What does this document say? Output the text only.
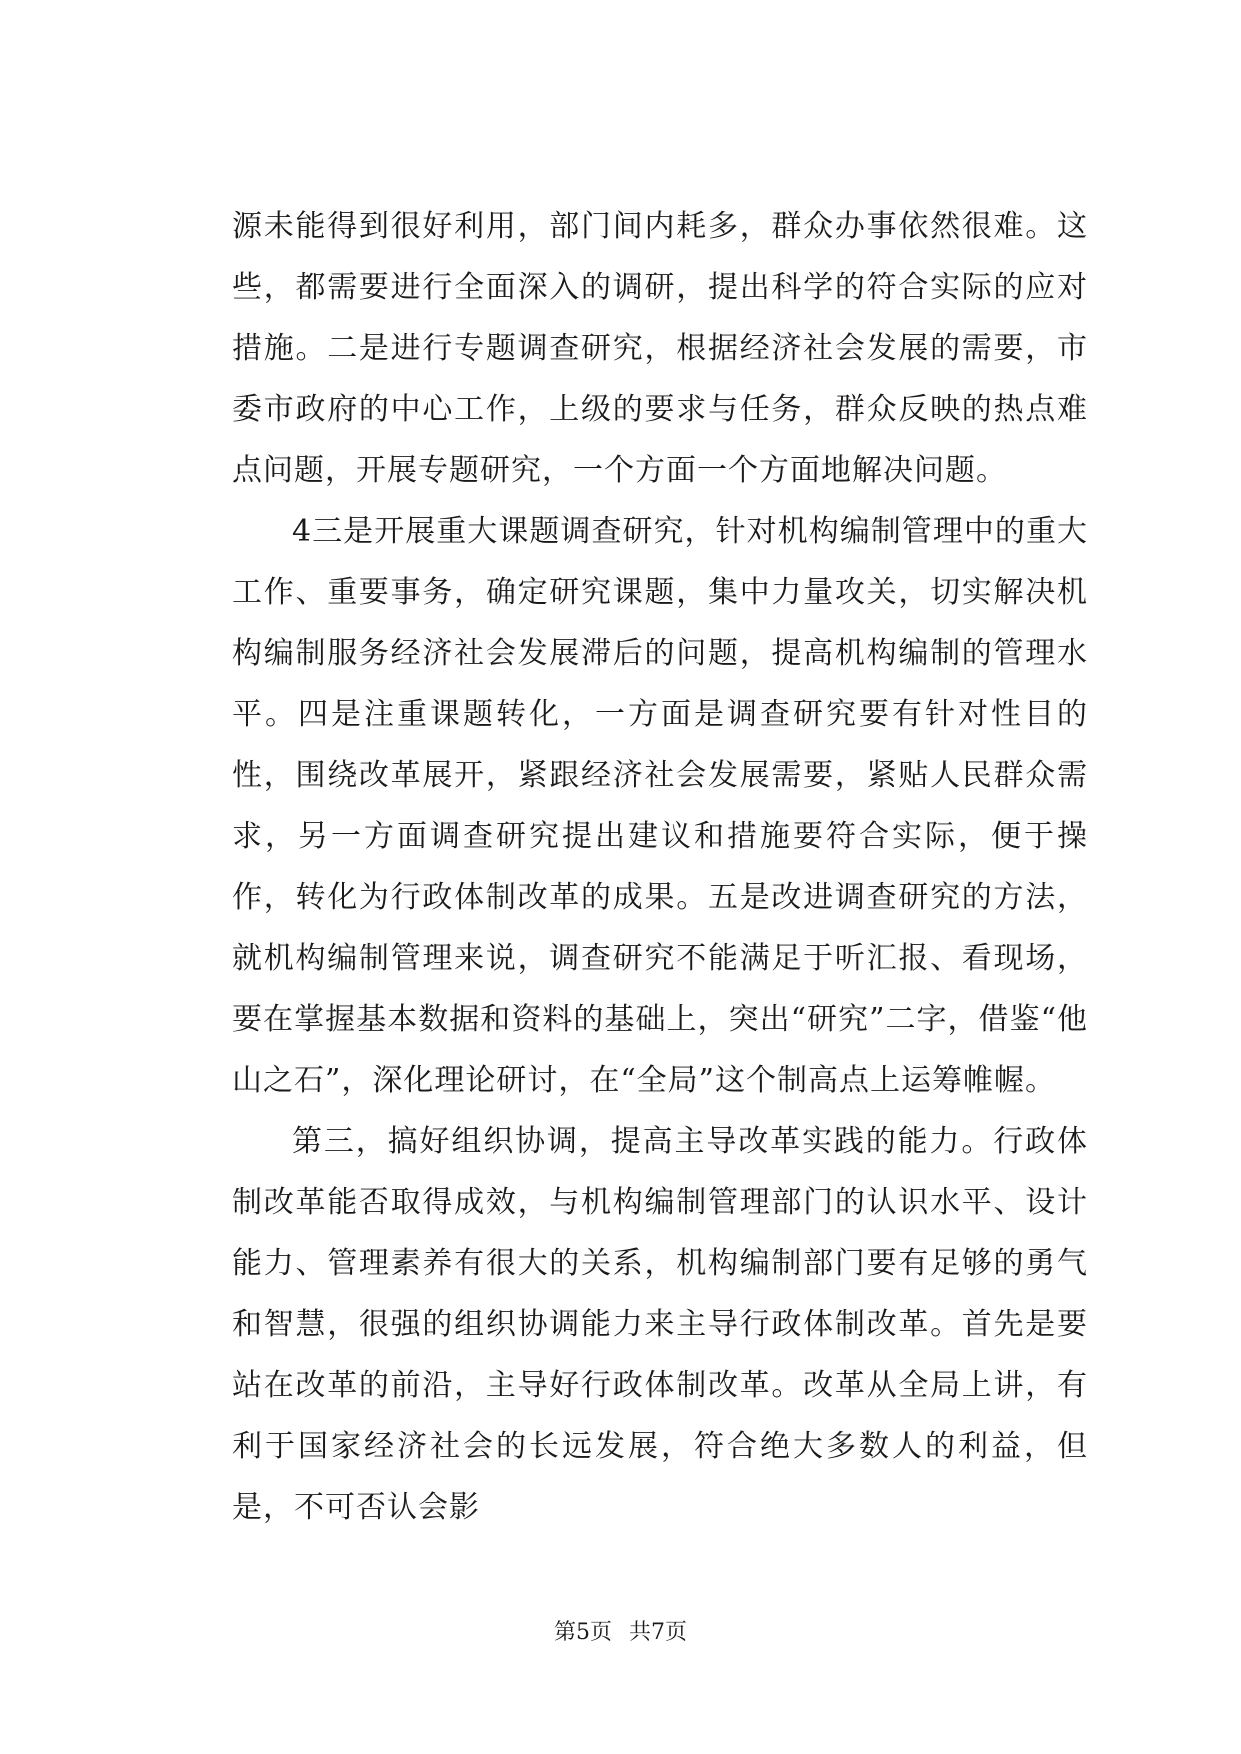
源未能得到很好利用，部门间内耗多，群众办事依然很难。这些，都需要进行全面深入的调研，提出科学的符合实际的应对措施。二是进行专题调查研究，根据经济社会发展的需要，市委市政府的中心工作，上级的要求与任务，群众反映的热点难点问题，开展专题研究，一个方面一个方面地解决问题。

4三是开展重大课题调查研究，针对机构编制管理中的重大工作、重要事务，确定研究课题，集中力量攻关，切实解决机构编制服务经济社会发展滞后的问题，提高机构编制的管理水平。四是注重课题转化，一方面是调查研究要有针对性目的性，围绕改革展开，紧跟经济社会发展需要，紧贴人民群众需求，另一方面调查研究提出建议和措施要符合实际，便于操作，转化为行政体制改革的成果。五是改进调查研究的方法，就机构编制管理来说，调查研究不能满足于听汇报、看现场，要在掌握基本数据和资料的基础上，突出“研究”二字，借鉴“他山之石”，深化理论研讨，在“全局”这个制高点上运筹帷幄。

第三，搞好组织协调，提高主导改革实践的能力。行政体制改革能否取得成效，与机构编制管理部门的认识水平、设计能力、管理素养有很大的关系，机构编制部门要有足够的勇气和智慧，很强的组织协调能力来主导行政体制改革。首先是要站在改革的前沿，主导好行政体制改革。改革从全局上讲，有利于国家经济社会的长远发展，符合绝大多数人的利益，但是，不可否认会影

第5页 共7页
